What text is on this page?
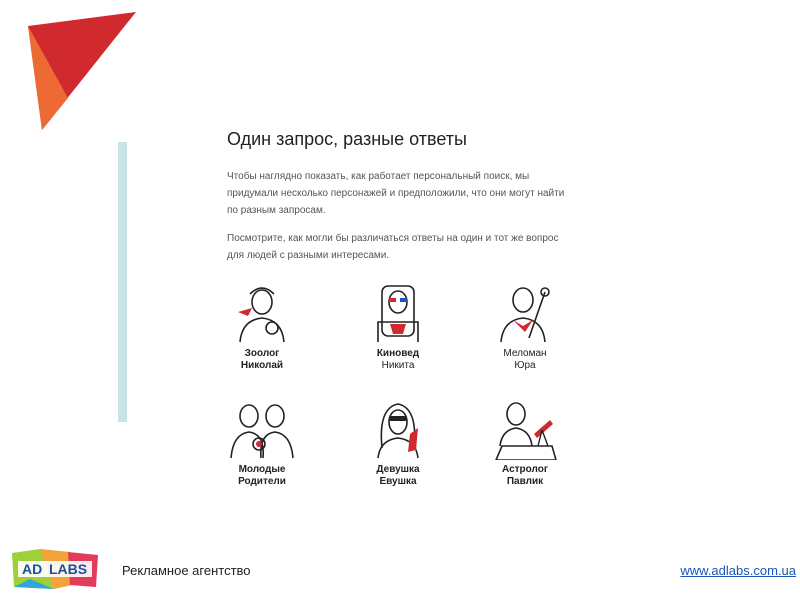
Один запрос, разные ответы
Чтобы наглядно показать, как работает персональный поиск, мы придумали несколько персонажей и предположили, что они могут найти по разным запросам.
Посмотрите, как могли бы различаться ответы на один и тот же вопрос для людей с разными интересами.
Зоолог
Николай
Киновед
Никита
Меломан
Юра
Молодые
Родители
Девушка
Евушка
Астролог
Павлик
AD LABS	Рекламное агентство	www.adlabs.com.ua
